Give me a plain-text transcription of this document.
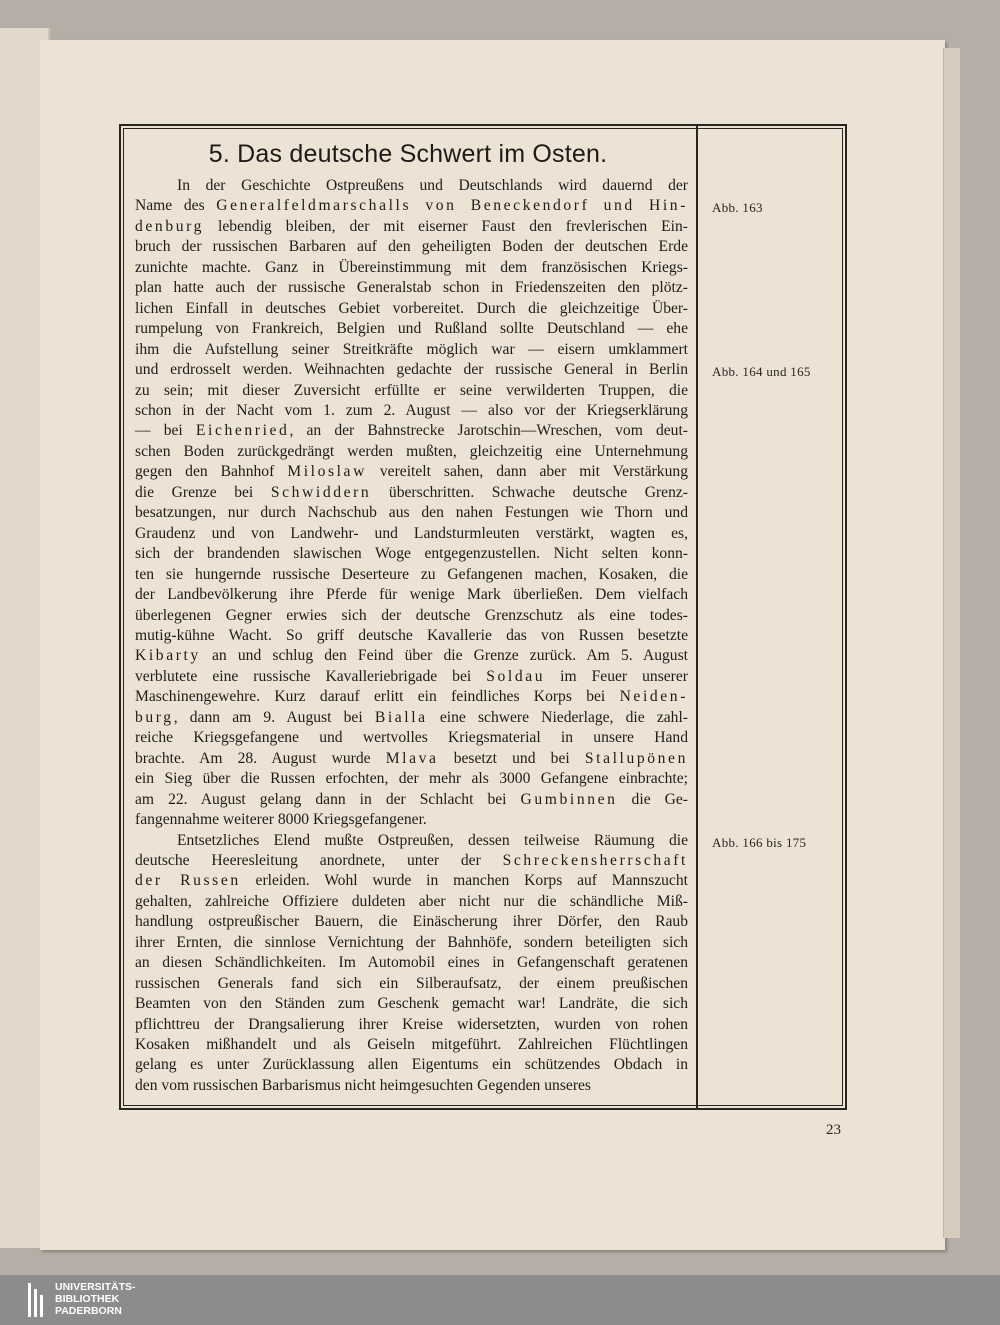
5. Das deutsche Schwert im Osten.
In der Geschichte Ostpreußens und Deutschlands wird dauernd der
Name des Generalfeldmarschalls von Beneckendorf und Hin-
denburg lebendig bleiben, der mit eiserner Faust den frevlerischen Ein-
bruch der russischen Barbaren auf den geheiligten Boden der deutschen Erde
zunichte machte. Ganz in Übereinstimmung mit dem französischen Kriegs-
plan hatte auch der russische Generalstab schon in Friedenszeiten den plötz-
lichen Einfall in deutsches Gebiet vorbereitet. Durch die gleichzeitige Über-
rumpelung von Frankreich, Belgien und Rußland sollte Deutschland — ehe
ihm die Aufstellung seiner Streitkräfte möglich war — eisern umklammert
und erdrosselt werden. Weihnachten gedachte der russische General in Berlin
zu sein; mit dieser Zuversicht erfüllte er seine verwilderten Truppen, die
schon in der Nacht vom 1. zum 2. August — also vor der Kriegserklärung
— bei Eichenried, an der Bahnstrecke Jarotschin—Wreschen, vom deut-
schen Boden zurückgedrängt werden mußten, gleichzeitig eine Unternehmung
gegen den Bahnhof Miloslaw vereitelt sahen, dann aber mit Verstärkung
die Grenze bei Schwiddern überschritten. Schwache deutsche Grenz-
besatzungen, nur durch Nachschub aus den nahen Festungen wie Thorn und
Graudenz und von Landwehr- und Landsturmleuten verstärkt, wagten es,
sich der brandenden slawischen Woge entgegenzustellen. Nicht selten konn-
ten sie hungernde russische Deserteure zu Gefangenen machen, Kosaken, die
der Landbevölkerung ihre Pferde für wenige Mark überließen. Dem vielfach
überlegenen Gegner erwies sich der deutsche Grenzschutz als eine todes-
mutig-kühne Wacht. So griff deutsche Kavallerie das von Russen besetzte
Kibarty an und schlug den Feind über die Grenze zurück. Am 5. August
verblutete eine russische Kavalleriebrigade bei Soldau im Feuer unserer
Maschinengewehre. Kurz darauf erlitt ein feindliches Korps bei Neiden-
burg, dann am 9. August bei Bialla eine schwere Niederlage, die zahl-
reiche Kriegsgefangene und wertvolles Kriegsmaterial in unsere Hand
brachte. Am 28. August wurde Mlava besetzt und bei Stallupönen
ein Sieg über die Russen erfochten, der mehr als 3000 Gefangene einbrachte;
am 22. August gelang dann in der Schlacht bei Gumbinnen die Ge-
fangennahme weiterer 8000 Kriegsgefangener.
Entsetzliches Elend mußte Ostpreußen, dessen teilweise Räumung die
deutsche Heeresleitung anordnete, unter der Schreckensherrschaft
der Russen erleiden. Wohl wurde in manchen Korps auf Mannszucht
gehalten, zahlreiche Offiziere duldeten aber nicht nur die schändliche Miß-
handlung ostpreußischer Bauern, die Einäscherung ihrer Dörfer, den Raub
ihrer Ernten, die sinnlose Vernichtung der Bahnhöfe, sondern beteiligten sich
an diesen Schändlichkeiten. Im Automobil eines in Gefangenschaft geratenen
russischen Generals fand sich ein Silberaufsatz, der einem preußischen
Beamten von den Ständen zum Geschenk gemacht war! Landräte, die sich
pflichttreu der Drangsalierung ihrer Kreise widersetzten, wurden von rohen
Kosaken mißhandelt und als Geiseln mitgeführt. Zahlreichen Flüchtlingen
gelang es unter Zurücklassung allen Eigentums ein schützendes Obdach in
den vom russischen Barbarismus nicht heimgesuchten Gegenden unseres
Abb. 163
Abb. 164 und 165
Abb. 166 bis 175
23
UNIVERSITÄTS-
BIBLIOTHEK
PADERBORN
